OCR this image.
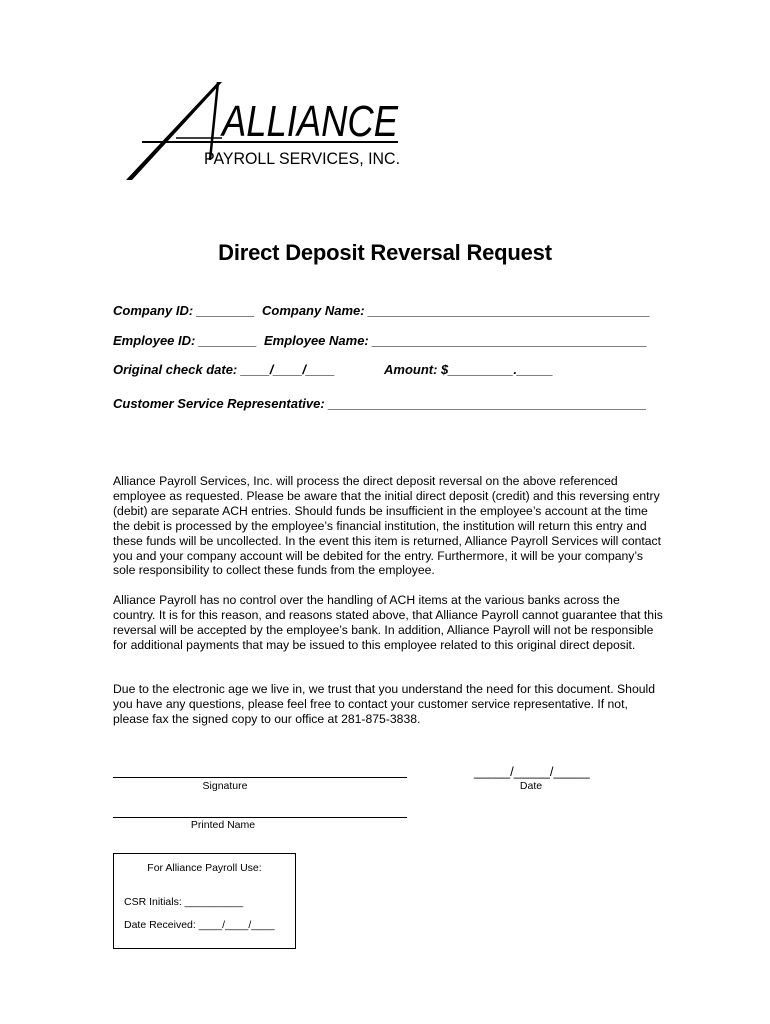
ALLIANCE
PAYROLL SERVICES, INC.
Direct Deposit Reversal Request
Company ID: ________ Company Name: _______________________________________
Employee ID: ________ Employee Name: ______________________________________
Original check date: ____/____/____	Amount: $_________._____
Customer Service Representative: ____________________________________________

Alliance Payroll Services, Inc. will process the direct deposit reversal on the above referenced employee as requested. Please be aware that the initial direct deposit (credit) and this reversing entry (debit) are separate ACH entries. Should funds be insufficient in the employee’s account at the time the debit is processed by the employee’s financial institution, the institution will return this entry and these funds will be uncollected. In the event this item is returned, Alliance Payroll Services will contact you and your company account will be debited for the entry. Furthermore, it will be your company’s sole responsibility to collect these funds from the employee.

Alliance Payroll has no control over the handling of ACH items at the various banks across the country. It is for this reason, and reasons stated above, that Alliance Payroll cannot guarantee that this reversal will be accepted by the employee’s bank. In addition, Alliance Payroll will not be responsible for additional payments that may be issued to this employee related to this original direct deposit.

Due to the electronic age we live in, we trust that you understand the need for this document. Should you have any questions, please feel free to contact your customer service representative. If not, please fax the signed copy to our office at 281-875-3838.

Signature
_____/_____/_____
Date
Printed Name
For Alliance Payroll Use:
CSR Initials: __________
Date Received: ____/____/____
